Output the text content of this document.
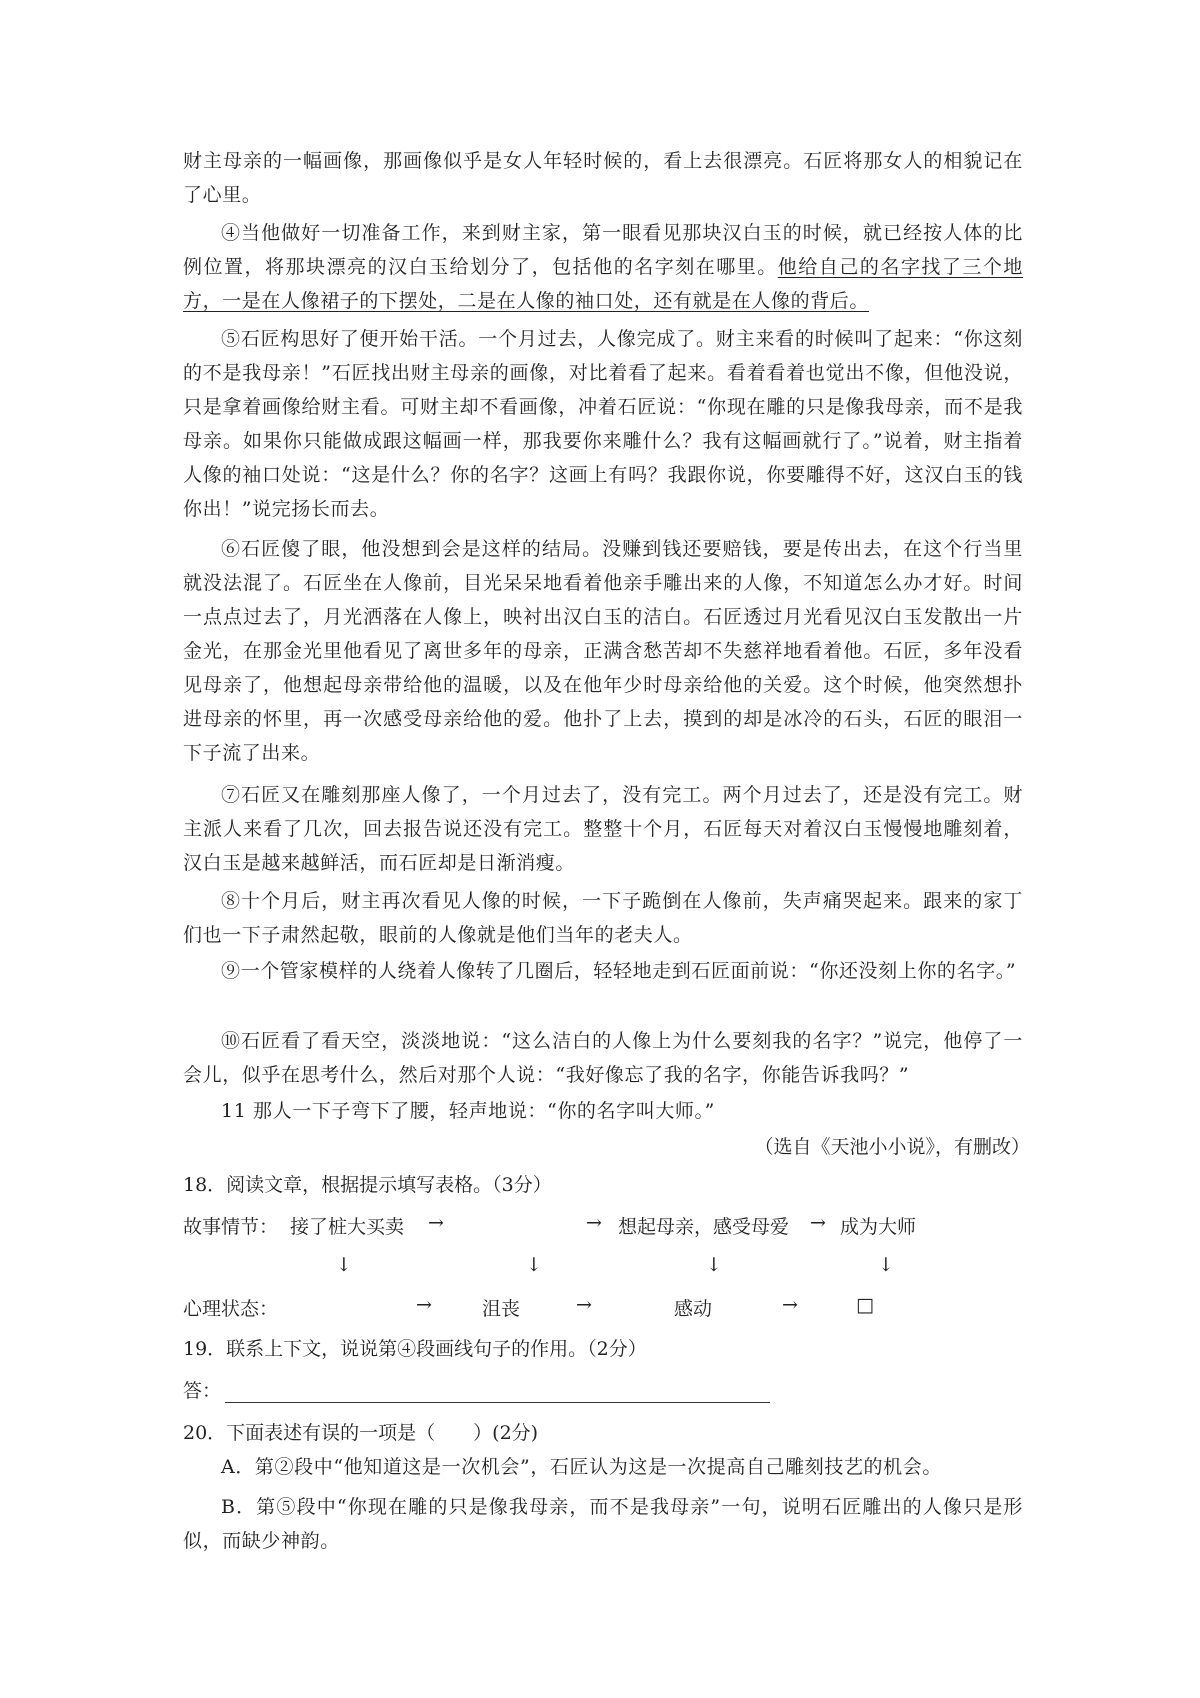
财主母亲的一幅画像，那画像似乎是女人年轻时候的，看上去很漂亮。石匠将那女人的相貌记在了心里。

④当他做好一切准备工作，来到财主家，第一眼看见那块汉白玉的时候，就已经按人体的比例位置，将那块漂亮的汉白玉给划分了，包括他的名字刻在哪里。他给自己的名字找了三个地方，一是在人像裙子的下摆处，二是在人像的袖口处，还有就是在人像的背后。

⑤石匠构思好了便开始干活。一个月过去，人像完成了。财主来看的时候叫了起来：“你这刻的不是我母亲！”石匠找出财主母亲的画像，对比着看了起来。看着看着也觉出不像，但他没说，只是拿着画像给财主看。可财主却不看画像，冲着石匠说：“你现在雕的只是像我母亲，而不是我母亲。如果你只能做成跟这幅画一样，那我要你来雕什么？我有这幅画就行了。”说着，财主指着人像的袖口处说：“这是什么？你的名字？这画上有吗？我跟你说，你要雕得不好，这汉白玉的钱你出！”说完扬长而去。

⑥石匠傻了眼，他没想到会是这样的结局。没赚到钱还要赔钱，要是传出去，在这个行当里就没法混了。石匠坐在人像前，目光呆呆地看着他亲手雕出来的人像，不知道怎么办才好。时间一点点过去了，月光洒落在人像上，映衬出汉白玉的洁白。石匠透过月光看见汉白玉发散出一片金光，在那金光里他看见了离世多年的母亲，正满含愁苦却不失慈祥地看着他。石匠，多年没看见母亲了，他想起母亲带给他的温暖，以及在他年少时母亲给他的关爱。这个时候，他突然想扑进母亲的怀里，再一次感受母亲给他的爱。他扑了上去，摸到的却是冰冷的石头，石匠的眼泪一下子流了出来。

⑦石匠又在雕刻那座人像了，一个月过去了，没有完工。两个月过去了，还是没有完工。财主派人来看了几次，回去报告说还没有完工。整整十个月，石匠每天对着汉白玉慢慢地雕刻着，汉白玉是越来越鲜活，而石匠却是日渐消瘦。

⑧十个月后，财主再次看见人像的时候，一下子跪倒在人像前，失声痛哭起来。跟来的家丁们也一下子肃然起敬，眼前的人像就是他们当年的老夫人。

⑨一个管家模样的人绕着人像转了几圈后，轻轻地走到石匠面前说：“你还没刻上你的名字。”

⑩石匠看了看天空，淡淡地说：“这么洁白的人像上为什么要刻我的名字？”说完，他停了一会儿，似乎在思考什么，然后对那个人说：“我好像忘了我的名字，你能告诉我吗？”

11 那人一下子弯下了腰，轻声地说：“你的名字叫大师。”

（选自《天池小小说》，有删改）
18．阅读文章，根据提示填写表格。（3分）
故事情节： 接了桩大买卖 →	→ 想起母亲，感受母爱 → 成为大师
↓	↓	↓	↓
心理状态：	→	沮丧	→	感动	→	□
19．联系上下文，说说第④段画线句子的作用。（2分）
答：
20．下面表述有误的一项是（　　）(2分)

A．第②段中“他知道这是一次机会”，石匠认为这是一次提高自己雕刻技艺的机会。

B．第⑤段中“你现在雕的只是像我母亲，而不是我母亲”一句，说明石匠雕出的人像只是形似，而缺少神韵。
